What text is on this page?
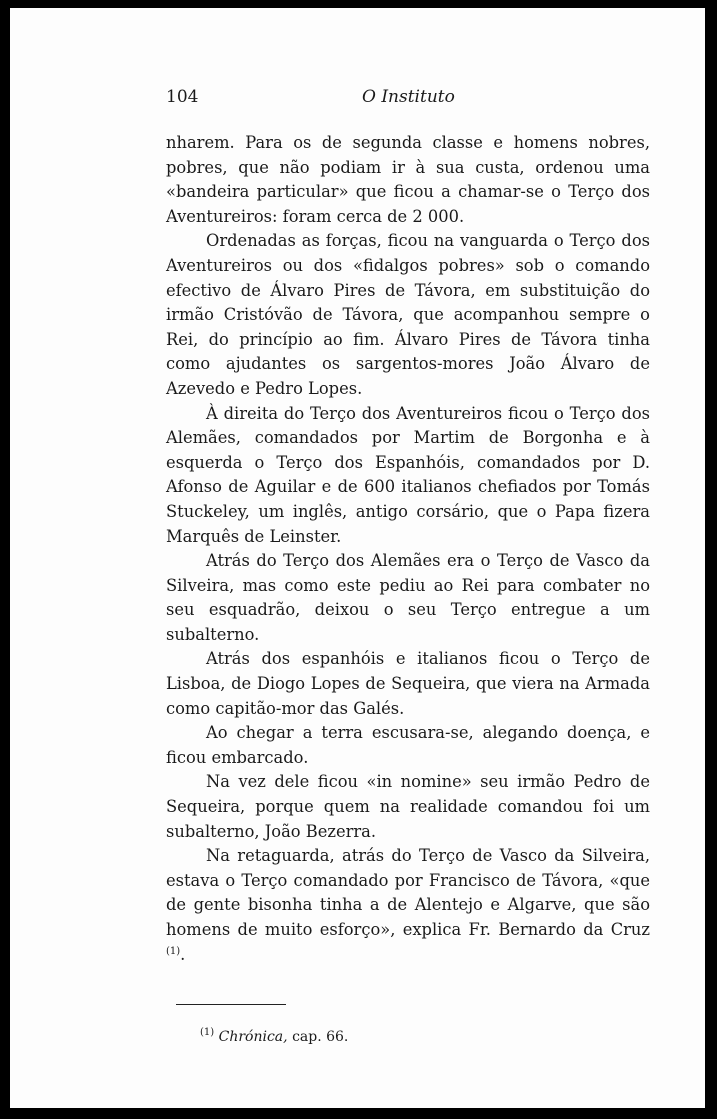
104	O Instituto

nharem. Para os de segunda classe e homens nobres, pobres, que não podiam ir à sua custa, ordenou uma «bandeira particular» que ficou a chamar-se o Terço dos Aventureiros: foram cerca de 2 000.

Ordenadas as forças, ficou na vanguarda o Terço dos Aventureiros ou dos «fidalgos pobres» sob o comando efectivo de Álvaro Pires de Távora, em substituição do irmão Cristóvão de Távora, que acompanhou sempre o Rei, do princípio ao fim. Álvaro Pires de Távora tinha como ajudantes os sargentos-mores João Álvaro de Azevedo e Pedro Lopes.

À direita do Terço dos Aventureiros ficou o Terço dos Alemães, comandados por Martim de Borgonha e à esquerda o Terço dos Espanhóis, comandados por D. Afonso de Aguilar e de 600 italianos chefiados por Tomás Stuckeley, um inglês, antigo corsário, que o Papa fizera Marquês de Leinster.

Atrás do Terço dos Alemães era o Terço de Vasco da Silveira, mas como este pediu ao Rei para combater no seu esquadrão, deixou o seu Terço entregue a um subalterno.

Atrás dos espanhóis e italianos ficou o Terço de Lisboa, de Diogo Lopes de Sequeira, que viera na Armada como capitão-mor das Galés.

Ao chegar a terra escusara-se, alegando doença, e ficou embarcado.

Na vez dele ficou «in nomine» seu irmão Pedro de Sequeira, porque quem na realidade comandou foi um subalterno, João Bezerra.

Na retaguarda, atrás do Terço de Vasco da Silveira, estava o Terço comandado por Francisco de Távora, «que de gente bisonha tinha a de Alentejo e Algarve, que são homens de muito esforço», explica Fr. Bernardo da Cruz $^{(1)}$.

$^{(1)}$ Chrónica, cap. 66.
